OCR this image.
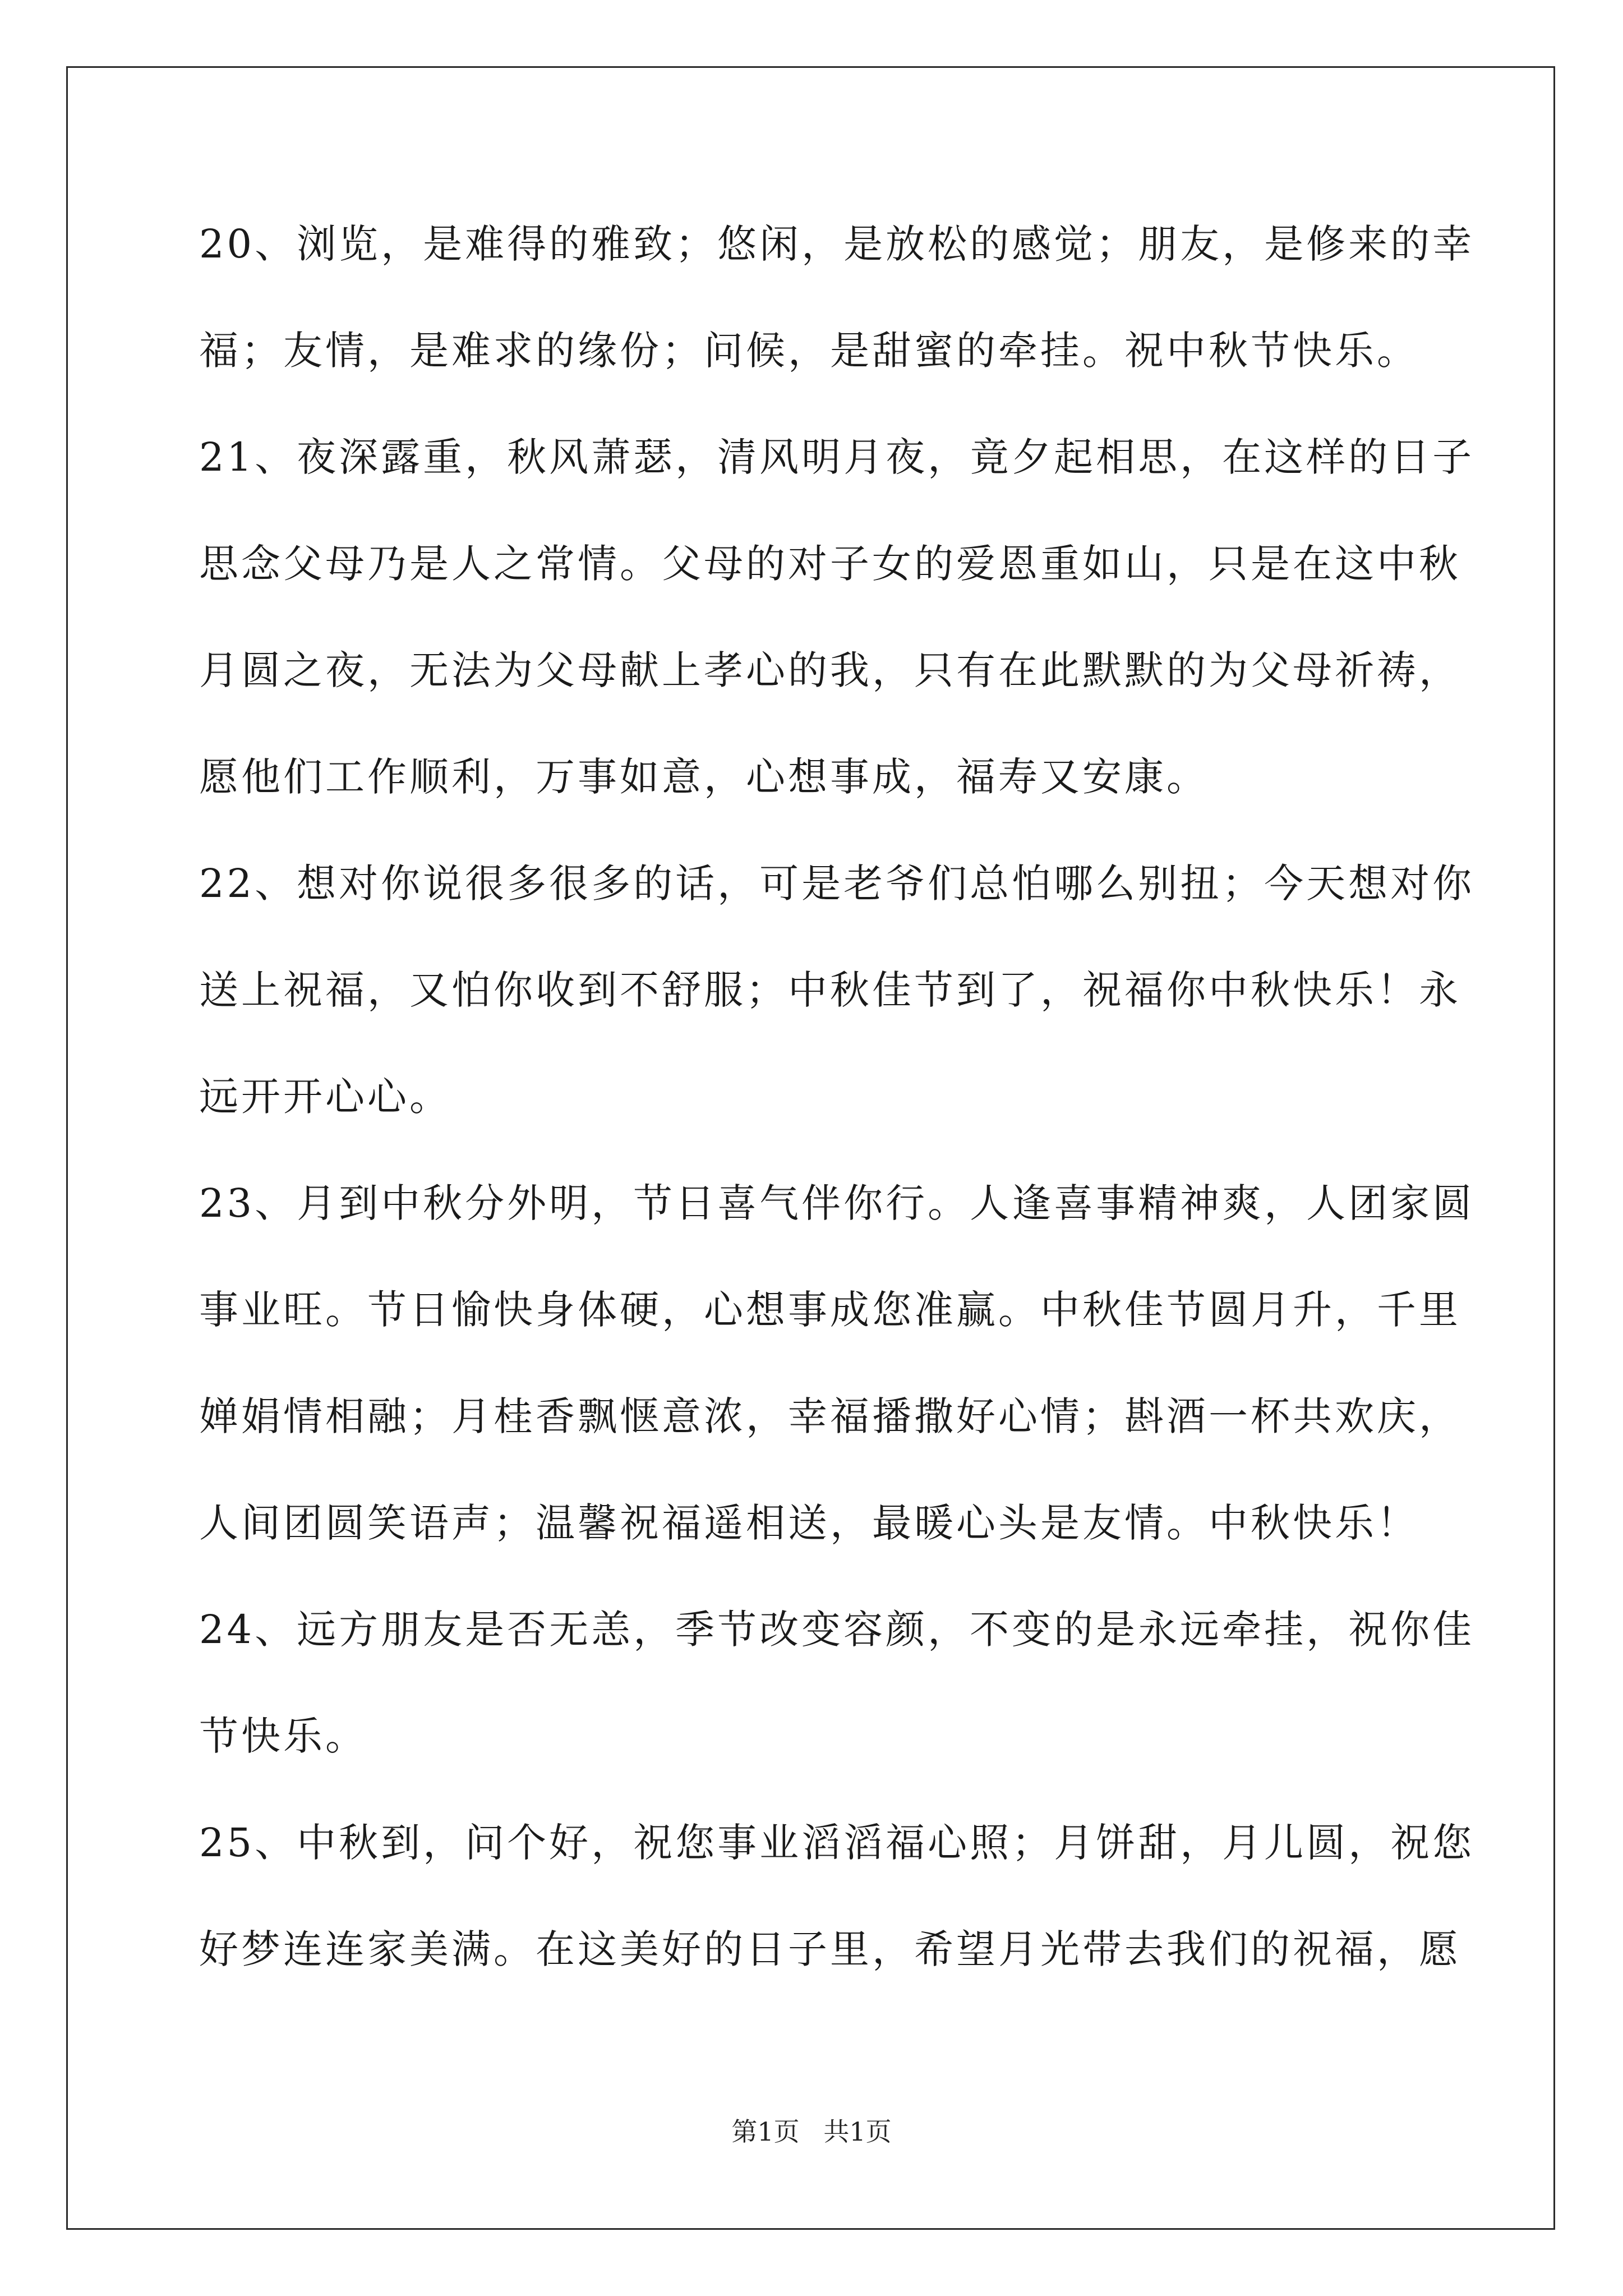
20、浏览，是难得的雅致；悠闲，是放松的感觉；朋友，是修来的幸
福；友情，是难求的缘份；问候，是甜蜜的牵挂。祝中秋节快乐。
21、夜深露重，秋风萧瑟，清风明月夜，竟夕起相思，在这样的日子
思念父母乃是人之常情。父母的对子女的爱恩重如山，只是在这中秋
月圆之夜，无法为父母献上孝心的我，只有在此默默的为父母祈祷，
愿他们工作顺利，万事如意，心想事成，福寿又安康。
22、想对你说很多很多的话，可是老爷们总怕哪么别扭；今天想对你
送上祝福，又怕你收到不舒服；中秋佳节到了，祝福你中秋快乐！永
远开开心心。
23、月到中秋分外明，节日喜气伴你行。人逢喜事精神爽，人团家圆
事业旺。节日愉快身体硬，心想事成您准赢。中秋佳节圆月升，千里
婵娟情相融；月桂香飘惬意浓，幸福播撒好心情；斟酒一杯共欢庆，
人间团圆笑语声；温馨祝福遥相送，最暖心头是友情。中秋快乐！
24、远方朋友是否无恙，季节改变容颜，不变的是永远牵挂，祝你佳
节快乐。
25、中秋到，问个好，祝您事业滔滔福心照；月饼甜，月儿圆，祝您
好梦连连家美满。在这美好的日子里，希望月光带去我们的祝福，愿
第1页 共1页
